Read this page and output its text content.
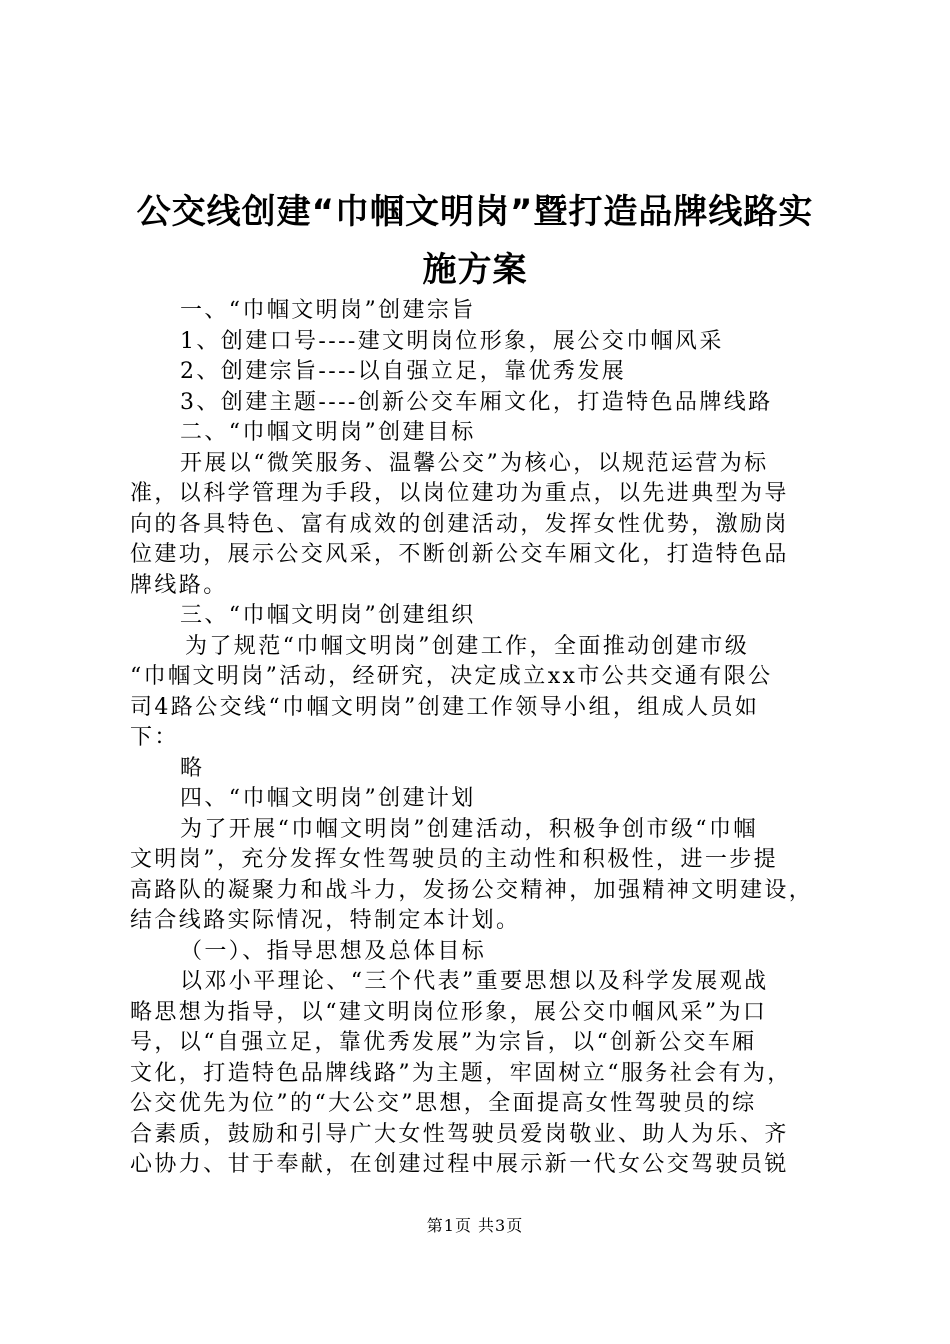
公交线创建“巾帼文明岗”暨打造品牌线路实
施方案
一、“巾帼文明岗”创建宗旨
1、创建口号----建文明岗位形象，展公交巾帼风采
2、创建宗旨----以自强立足，靠优秀发展
3、创建主题----创新公交车厢文化，打造特色品牌线路
二、“巾帼文明岗”创建目标
开展以“微笑服务、温馨公交”为核心，以规范运营为标
准，以科学管理为手段，以岗位建功为重点，以先进典型为导
向的各具特色、富有成效的创建活动，发挥女性优势，激励岗
位建功，展示公交风采，不断创新公交车厢文化，打造特色品
牌线路。
三、“巾帼文明岗”创建组织
为了规范“巾帼文明岗”创建工作，全面推动创建市级
“巾帼文明岗”活动，经研究，决定成立xx市公共交通有限公
司4路公交线“巾帼文明岗”创建工作领导小组，组成人员如
下：
略
四、“巾帼文明岗”创建计划
为了开展“巾帼文明岗”创建活动，积极争创市级“巾帼
文明岗”，充分发挥女性驾驶员的主动性和积极性，进一步提
高路队的凝聚力和战斗力，发扬公交精神，加强精神文明建设，
结合线路实际情况，特制定本计划。
（一）、指导思想及总体目标
以邓小平理论、“三个代表”重要思想以及科学发展观战
略思想为指导，以“建文明岗位形象，展公交巾帼风采”为口
号，以“自强立足，靠优秀发展”为宗旨，以“创新公交车厢
文化，打造特色品牌线路”为主题，牢固树立“服务社会有为，
公交优先为位”的“大公交”思想，全面提高女性驾驶员的综
合素质，鼓励和引导广大女性驾驶员爱岗敬业、助人为乐、齐
心协力、甘于奉献，在创建过程中展示新一代女公交驾驶员锐
第1页 共3页
